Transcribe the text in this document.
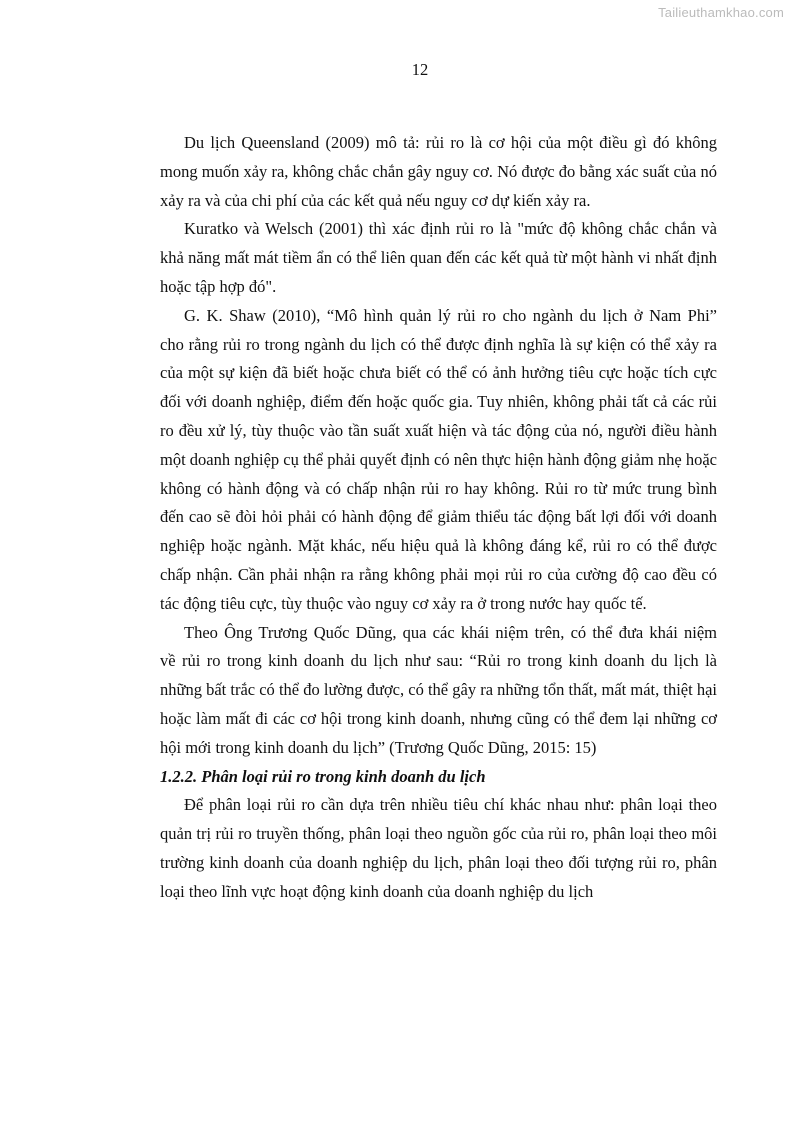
Tailieuthamkhao.com
12
Du lịch Queensland (2009) mô tả: rủi ro là cơ hội của một điều gì đó không
mong muốn xảy ra, không chắc chắn gây nguy cơ. Nó được đo bằng xác suất của nó
xảy ra và của chi phí của các kết quả nếu nguy cơ dự kiến xảy ra.
Kuratko và Welsch (2001) thì xác định rủi ro là "mức độ không chắc chắn và
khả năng mất mát tiềm ẩn có thể liên quan đến các kết quả từ một hành vi nhất định
hoặc tập hợp đó".
G. K. Shaw (2010), “Mô hình quản lý rủi ro cho ngành du lịch ở Nam Phi”
cho rằng rủi ro trong ngành du lịch có thể được định nghĩa là sự kiện có thể xảy ra
của một sự kiện đã biết hoặc chưa biết có thể có ảnh hưởng tiêu cực hoặc tích cực
đối với doanh nghiệp, điểm đến hoặc quốc gia. Tuy nhiên, không phải tất cả các rủi
ro đều xử lý, tùy thuộc vào tần suất xuất hiện và tác động của nó, người điều hành
một doanh nghiệp cụ thể phải quyết định có nên thực hiện hành động giảm nhẹ hoặc
không có hành động và có chấp nhận rủi ro hay không. Rủi ro từ mức trung bình
đến cao sẽ đòi hỏi phải có hành động để giảm thiểu tác động bất lợi đối với doanh
nghiệp hoặc ngành. Mặt khác, nếu hiệu quả là không đáng kể, rủi ro có thể được
chấp nhận. Cần phải nhận ra rằng không phải mọi rủi ro của cường độ cao đều có
tác động tiêu cực, tùy thuộc vào nguy cơ xảy ra ở trong nước hay quốc tế.
Theo Ông Trương Quốc Dũng, qua các khái niệm trên, có thể đưa khái niệm
về rủi ro trong kinh doanh du lịch như sau: “Rủi ro trong kinh doanh du lịch là
những bất trắc có thể đo lường được, có thể gây ra những tổn thất, mất mát, thiệt hại
hoặc làm mất đi các cơ hội trong kinh doanh, nhưng cũng có thể đem lại những cơ
hội mới trong kinh doanh du lịch” (Trương Quốc Dũng, 2015: 15)
1.2.2. Phân loại rủi ro trong kinh doanh du lịch
Để phân loại rủi ro cần dựa trên nhiều tiêu chí khác nhau như: phân loại theo
quản trị rủi ro truyền thống, phân loại theo nguồn gốc của rủi ro, phân loại theo môi
trường kinh doanh của doanh nghiệp du lịch, phân loại theo đối tượng rủi ro, phân
loại theo lĩnh vực hoạt động kinh doanh của doanh nghiệp du lịch
